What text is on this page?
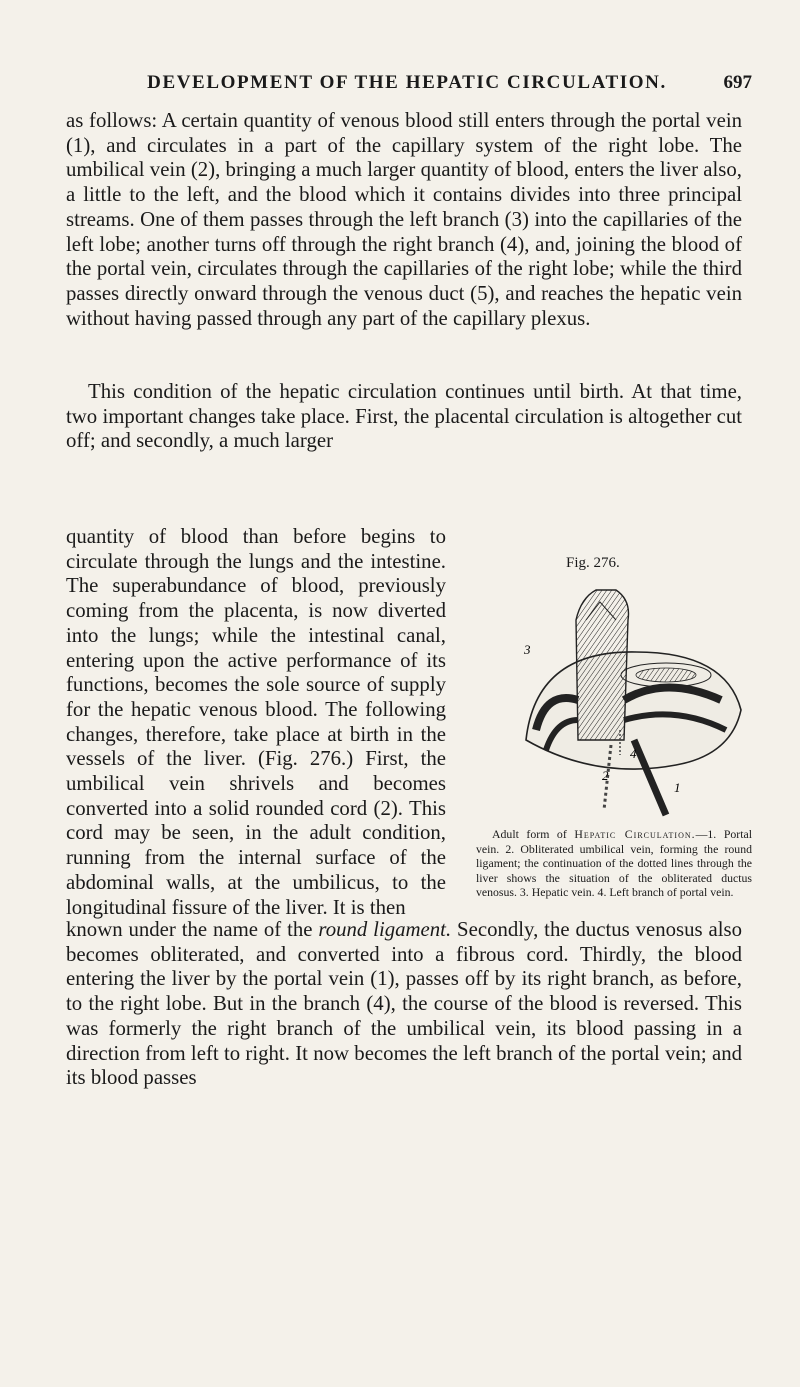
DEVELOPMENT OF THE HEPATIC CIRCULATION.	697

as follows: A certain quantity of venous blood still enters through the portal vein (1), and circulates in a part of the capillary system of the right lobe. The umbilical vein (2), bringing a much larger quantity of blood, enters the liver also, a little to the left, and the blood which it contains divides into three principal streams. One of them passes through the left branch (3) into the capillaries of the left lobe; another turns off through the right branch (4), and, joining the blood of the portal vein, circulates through the capillaries of the right lobe; while the third passes directly onward through the venous duct (5), and reaches the hepatic vein without having passed through any part of the capillary plexus.

This condition of the hepatic circulation continues until birth. At that time, two important changes take place. First, the placental circulation is altogether cut off; and secondly, a much larger

quantity of blood than before begins to circulate through the lungs and the intestine. The superabundance of blood, previously coming from the placenta, is now diverted into the lungs; while the intestinal canal, entering upon the active performance of its functions, becomes the sole source of supply for the hepatic venous blood. The following changes, therefore, take place at birth in the vessels of the liver. (Fig. 276.) First, the umbilical vein shrivels and becomes converted into a solid rounded cord (2). This cord may be seen, in the adult condition, running from the internal surface of the abdominal walls, at the umbilicus, to the longitudinal fissure of the liver. It is then

Fig. 276.
3
4
2
1

Adult form of Hepatic Circulation.—1. Portal vein. 2. Obliterated umbilical vein, forming the round ligament; the continuation of the dotted lines through the liver shows the situation of the obliterated ductus venosus. 3. Hepatic vein. 4. Left branch of portal vein.

known under the name of the round ligament. Secondly, the ductus venosus also becomes obliterated, and converted into a fibrous cord. Thirdly, the blood entering the liver by the portal vein (1), passes off by its right branch, as before, to the right lobe. But in the branch (4), the course of the blood is reversed. This was formerly the right branch of the umbilical vein, its blood passing in a direction from left to right. It now becomes the left branch of the portal vein; and its blood passes
